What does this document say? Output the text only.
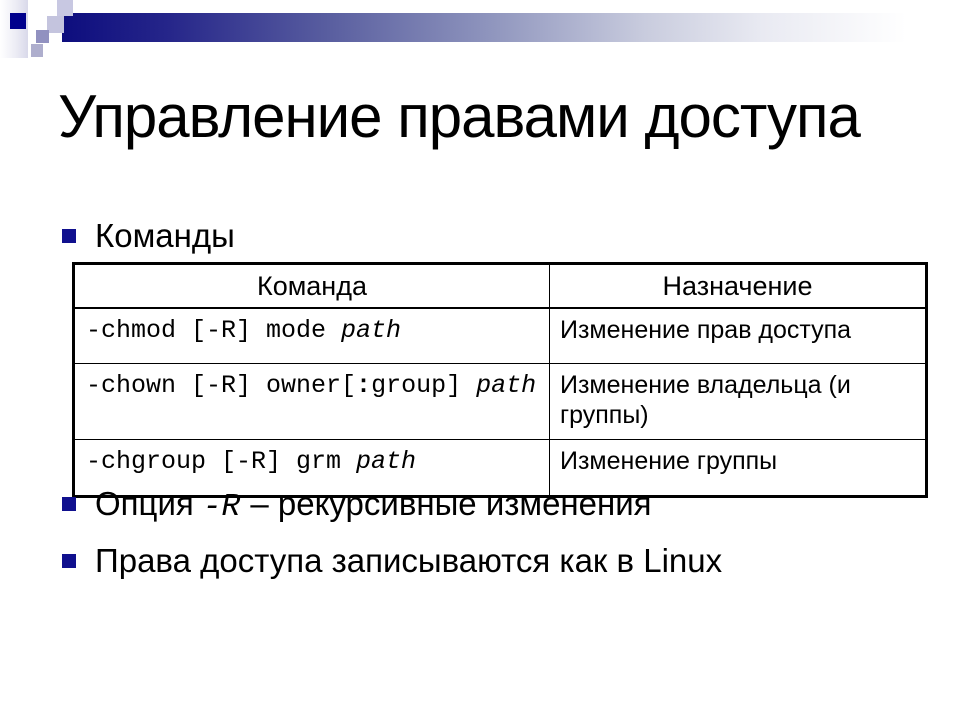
Управление правами доступа
Команды
Команда	Назначение
-chmod [-R] mode path	Изменение прав доступа
-chown [-R] owner[:group] path	Изменение владельца (и группы)
-chgroup [-R] grm path	Изменение группы
Опция -R – рекурсивные изменения
Права доступа записываются как в Linux
